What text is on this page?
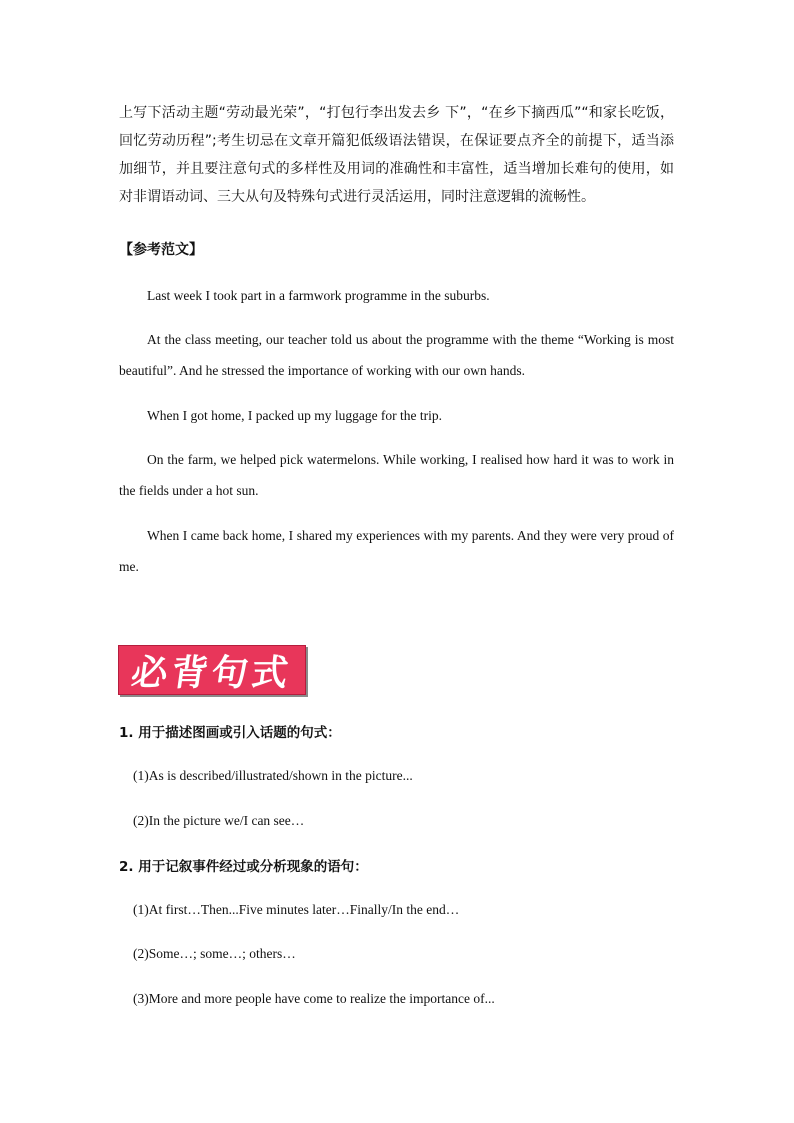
上写下活动主题“劳动最光荣”，“打包行李出发去乡 下”，“在乡下摘西瓜”“和家长吃饭，回忆劳动历程”;考生切忌在文章开篇犯低级语法错误，在保证要点齐全的前提下，适当添加细节，并且要注意句式的多样性及用词的准确性和丰富性，适当增加长难句的使用，如对非谓语动词、三大从句及特殊句式进行灵活运用，同时注意逻辑的流畅性。
【参考范文】
Last week I took part in a farmwork programme in the suburbs.
At the class meeting, our teacher told us about the programme with the theme “Working is most beautiful”. And he stressed the importance of working with our own hands.
When I got home, I packed up my luggage for the trip.
On the farm, we helped pick watermelons. While working, I realised how hard it was to work in the fields under a hot sun.
When I came back home, I shared my experiences with my parents. And they were very proud of me.
必背句式
1. 用于描述图画或引入话题的句式：
(1)As is described/illustrated/shown in the picture...
(2)In the picture we/I can see…
2. 用于记叙事件经过或分析现象的语句：
(1)At first…Then...Five minutes later…Finally/In the end…
(2)Some…; some…; others…
(3)More and more people have come to realize the importance of...
